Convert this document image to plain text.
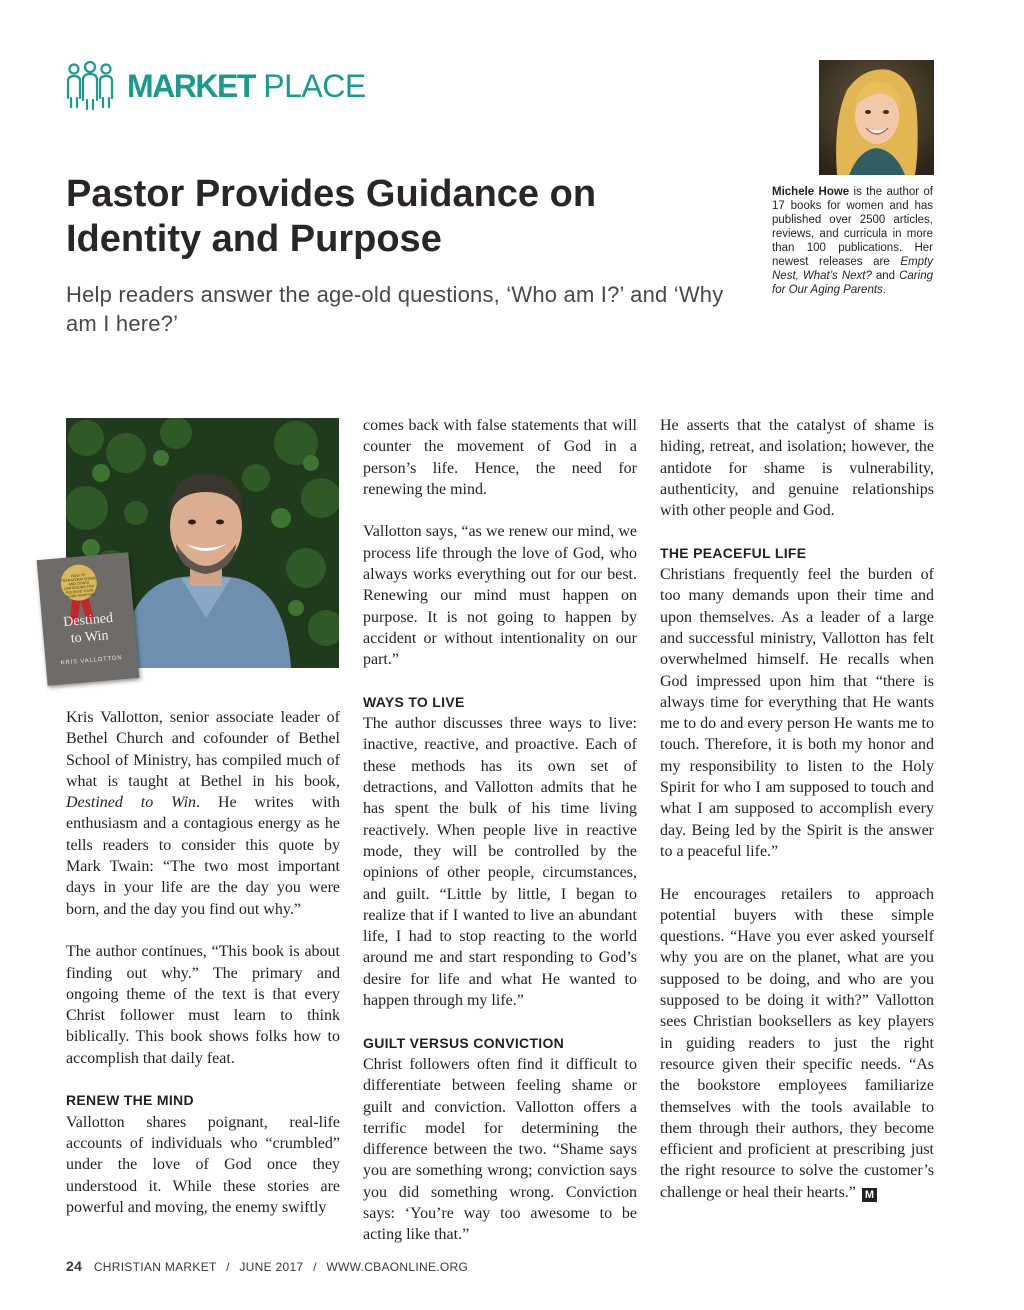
MARKET PLACE
Pastor Provides Guidance on Identity and Purpose

Help readers answer the age-old questions, ‘Who am I?’ and ‘Why am I here?’

Michele Howe is the author of 17 books for women and has published over 2500 articles, reviews, and curricula in more than 100 publications. Her newest releases are Empty Nest, What’s Next? and Caring for Our Aging Parents.
HOW TO TRANSFORM SHAME AND OTHER LIMITATIONS FOR RELEASE YOUR DIVINE PURPOSE
Destined
to Win
KRIS VALLOTTON

Kris Vallotton, senior associate leader of Bethel Church and cofounder of Bethel School of Ministry, has compiled much of what is taught at Bethel in his book, Destined to Win. He writes with enthusiasm and a contagious energy as he tells readers to consider this quote by Mark Twain: “The two most important days in your life are the day you were born, and the day you find out why.”

The author continues, “This book is about finding out why.” The primary and ongoing theme of the text is that every Christ follower must learn to think biblically. This book shows folks how to accomplish that daily feat.

RENEW THE MIND

Vallotton shares poignant, real-life accounts of individuals who “crumbled” under the love of God once they understood it. While these stories are powerful and moving, the enemy swiftly

comes back with false statements that will counter the movement of God in a person’s life. Hence, the need for renewing the mind.

Vallotton says, “as we renew our mind, we process life through the love of God, who always works everything out for our best. Renewing our mind must happen on purpose. It is not going to happen by accident or without intentionality on our part.”

WAYS TO LIVE

The author discusses three ways to live: inactive, reactive, and proactive. Each of these methods has its own set of detractions, and Vallotton admits that he has spent the bulk of his time living reactively. When people live in reactive mode, they will be controlled by the opinions of other people, circumstances, and guilt. “Little by little, I began to realize that if I wanted to live an abundant life, I had to stop reacting to the world around me and start responding to God’s desire for life and what He wanted to happen through my life.”

GUILT VERSUS CONVICTION

Christ followers often find it difficult to differentiate between feeling shame or guilt and conviction. Vallotton offers a terrific model for determining the difference between the two. “Shame says you are something wrong; conviction says you did something wrong. Conviction says: ‘You’re way too awesome to be acting like that.”

He asserts that the catalyst of shame is hiding, retreat, and isolation; however, the antidote for shame is vulnerability, authenticity, and genuine relationships with other people and God.

THE PEACEFUL LIFE

Christians frequently feel the burden of too many demands upon their time and upon themselves. As a leader of a large and successful ministry, Vallotton has felt overwhelmed himself. He recalls when God impressed upon him that “there is always time for everything that He wants me to do and every person He wants me to touch. Therefore, it is both my honor and my responsibility to listen to the Holy Spirit for who I am supposed to touch and what I am supposed to accomplish every day. Being led by the Spirit is the answer to a peaceful life.”

He encourages retailers to approach potential buyers with these simple questions. “Have you ever asked yourself why you are on the planet, what are you supposed to be doing, and who are you supposed to be doing it with?” Vallotton sees Christian booksellers as key players in guiding readers to just the right resource given their specific needs. “As the bookstore employees familiarize themselves with the tools available to them through their authors, they become efficient and proficient at prescribing just the right resource to solve the customer’s challenge or heal their hearts.” M

24 CHRISTIAN MARKET / JUNE 2017 / WWW.CBAONLINE.ORG
